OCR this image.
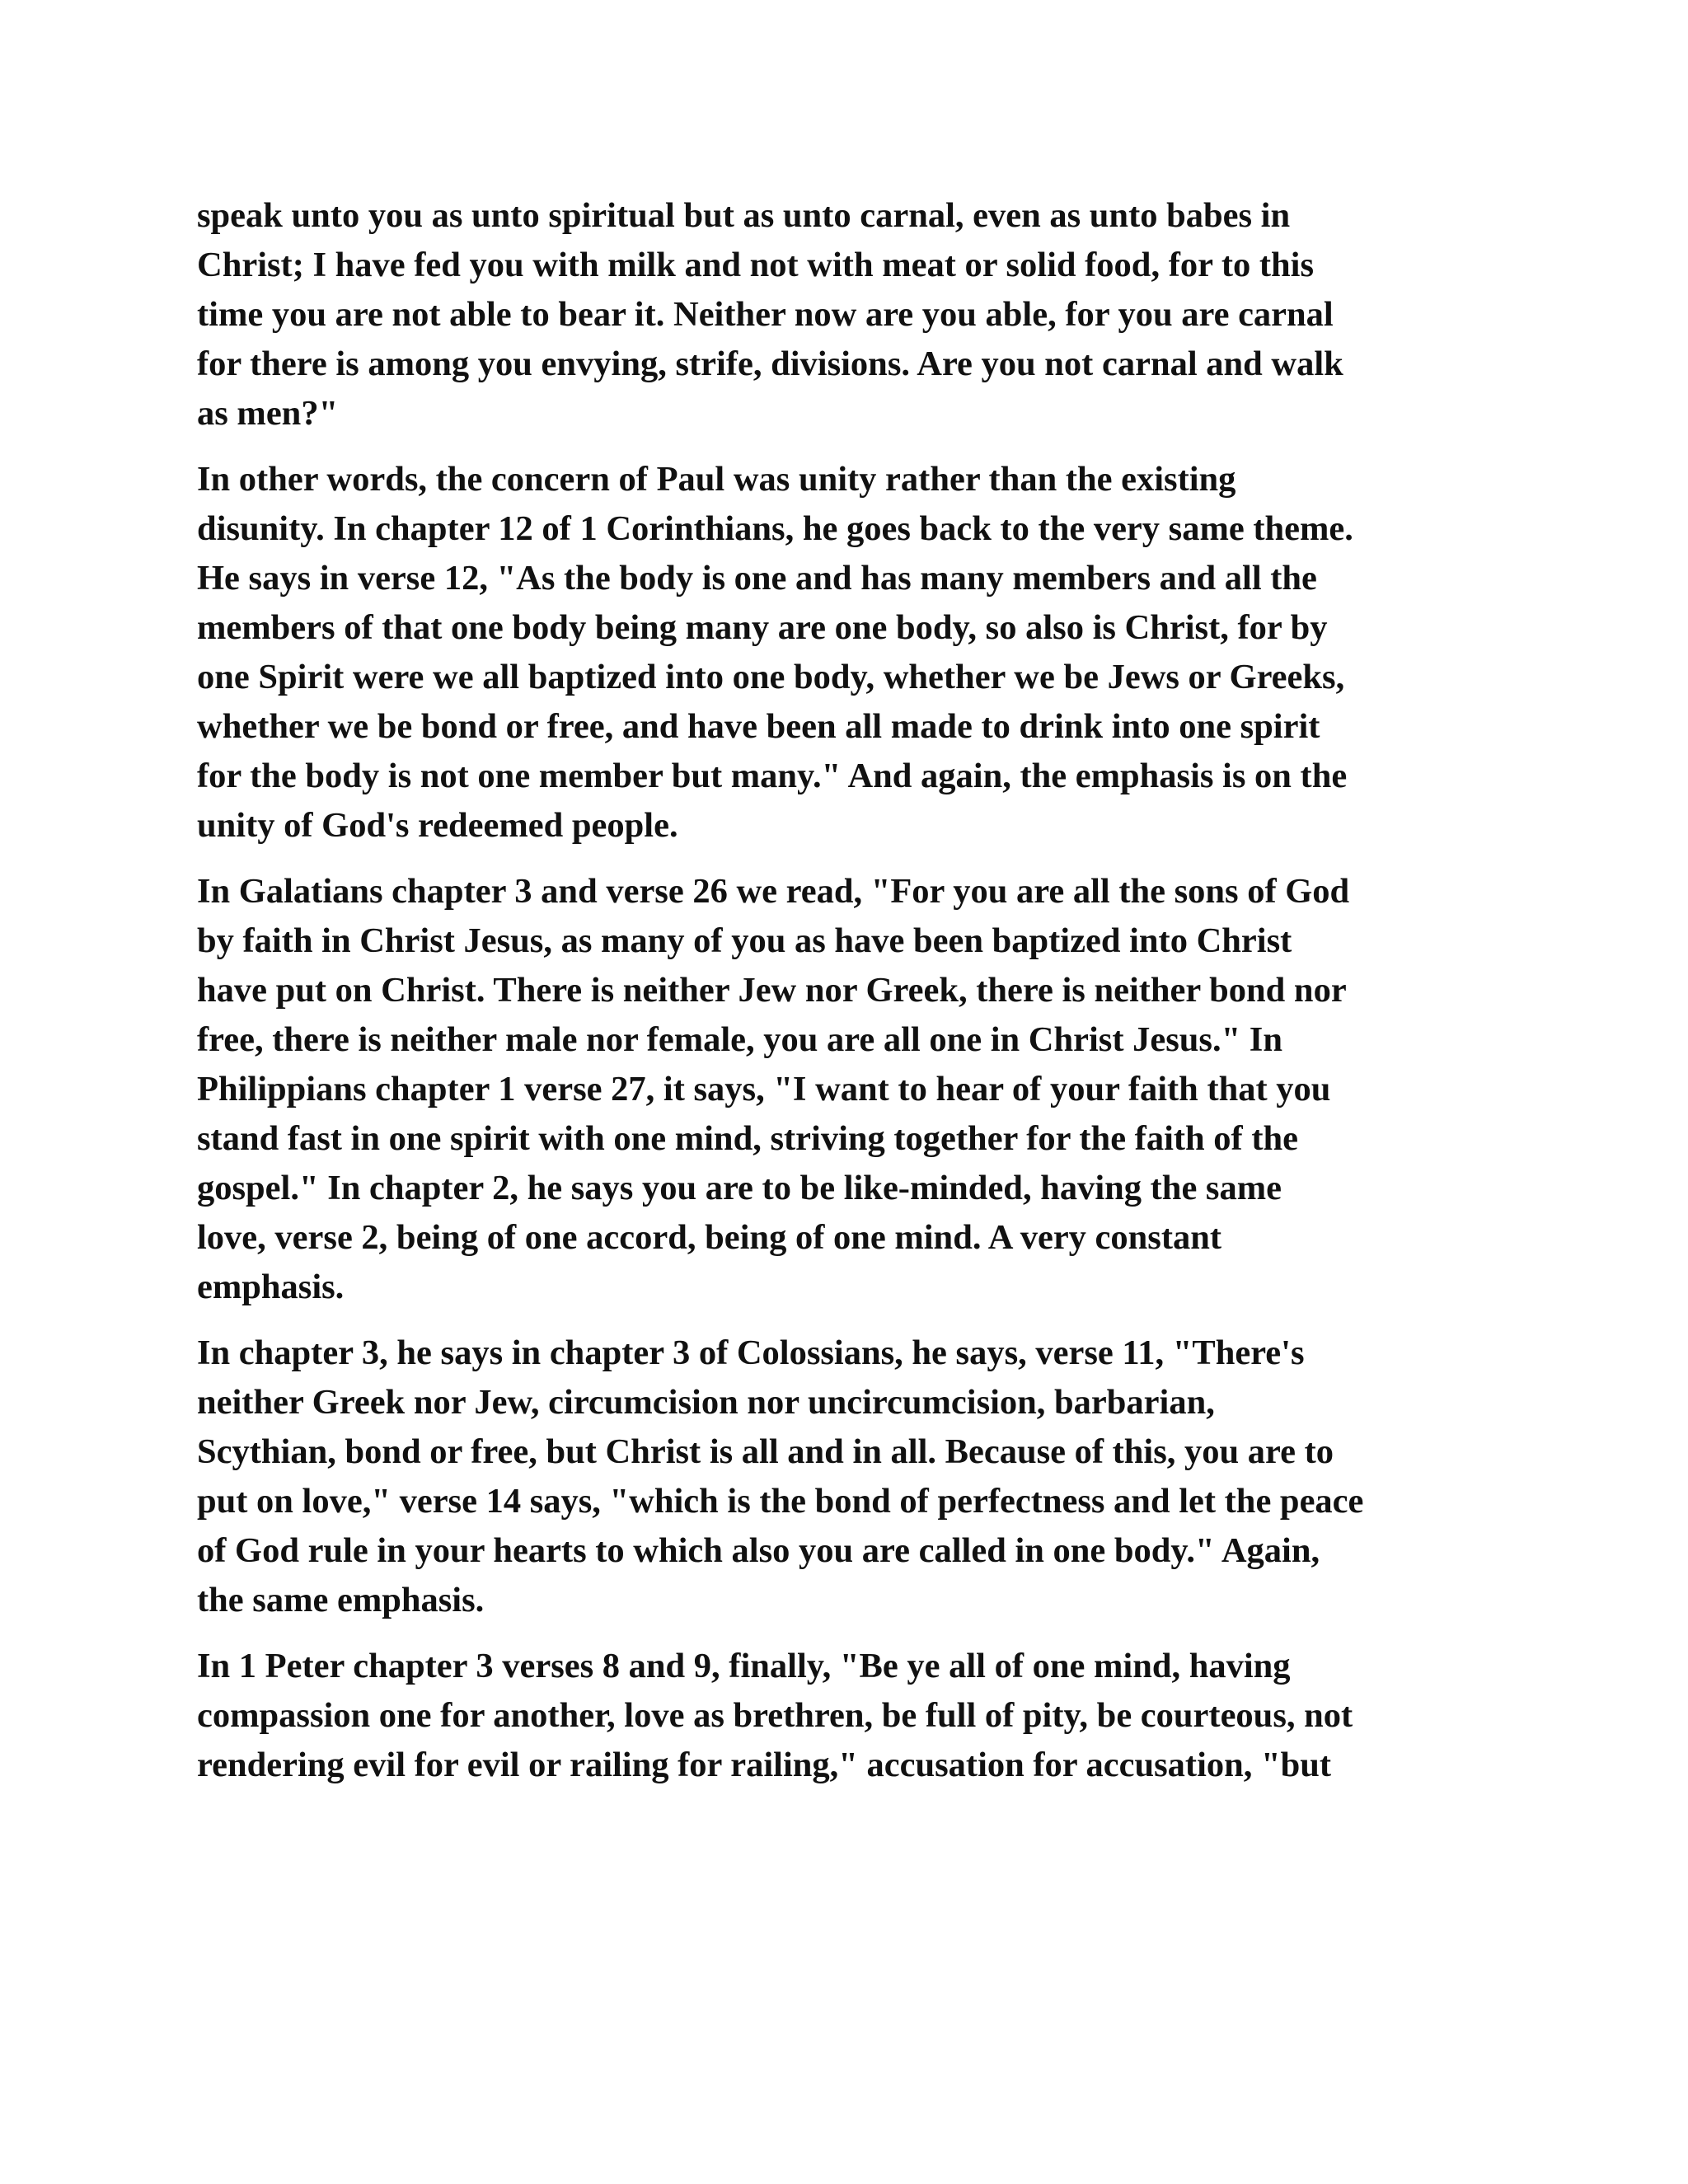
speak unto you as unto spiritual but as unto carnal, even as unto babes in
Christ; I have fed you with milk and not with meat or solid food, for to this
time you are not able to bear it. Neither now are you able, for you are carnal
for there is among you envying, strife, divisions. Are you not carnal and walk
as men?"
In other words, the concern of Paul was unity rather than the existing
disunity. In chapter 12 of 1 Corinthians, he goes back to the very same theme.
He says in verse 12, "As the body is one and has many members and all the
members of that one body being many are one body, so also is Christ, for by
one Spirit were we all baptized into one body, whether we be Jews or Greeks,
whether we be bond or free, and have been all made to drink into one spirit
for the body is not one member but many." And again, the emphasis is on the
unity of God's redeemed people.
In Galatians chapter 3 and verse 26 we read, "For you are all the sons of God
by faith in Christ Jesus, as many of you as have been baptized into Christ
have put on Christ. There is neither Jew nor Greek, there is neither bond nor
free, there is neither male nor female, you are all one in Christ Jesus." In
Philippians chapter 1 verse 27, it says, "I want to hear of your faith that you
stand fast in one spirit with one mind, striving together for the faith of the
gospel." In chapter 2, he says you are to be like-minded, having the same
love, verse 2, being of one accord, being of one mind. A very constant
emphasis.
In chapter 3, he says in chapter 3 of Colossians, he says, verse 11, "There's
neither Greek nor Jew, circumcision nor uncircumcision, barbarian,
Scythian, bond or free, but Christ is all and in all. Because of this, you are to
put on love," verse 14 says, "which is the bond of perfectness and let the peace
of God rule in your hearts to which also you are called in one body." Again,
the same emphasis.
In 1 Peter chapter 3 verses 8 and 9, finally, "Be ye all of one mind, having
compassion one for another, love as brethren, be full of pity, be courteous, not
rendering evil for evil or railing for railing," accusation for accusation, "but
